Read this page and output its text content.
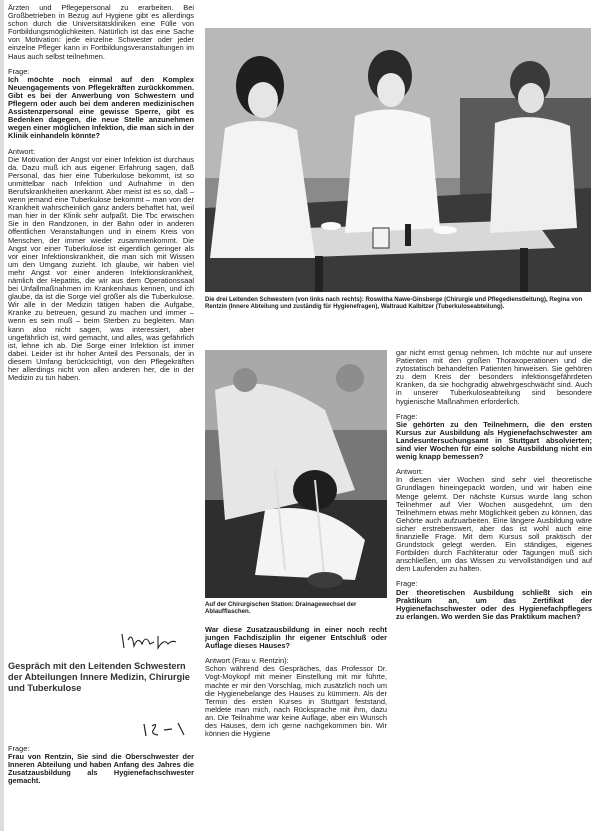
Ärzten und Pflegepersonal zu erarbeiten. Bei Großbetrieben in Bezug auf Hygiene gibt es allerdings schon durch die Universitätskliniken eine Fülle von Fortbildungsmöglichkeiten. Natürlich ist das eine Sache von Motivation: jede einzelne Schwester oder jeder einzelne Pfleger kann in Fortbildungsveranstaltungen im Haus auch selbst teilnehmen.

Frage:

Ich möchte noch einmal auf den Komplex Neuengagements von Pflegekräften zurückkommen. Gibt es bei der Anwerbung von Schwestern und Pflegern oder auch bei dem anderen medizinischen Assistenzpersonal eine gewisse Sperre, gibt es Bedenken dagegen, die neue Stelle anzunehmen wegen einer möglichen Infektion, die man sich in der Klinik einhandeln könnte?

Antwort:

Die Motivation der Angst vor einer Infektion ist durchaus da. Dazu muß ich aus eigener Erfahrung sagen, daß Personal, das hier eine Tuberkulose bekommt, ist so unmittelbar nach Infektion und Aufnahme in den Berufskrankheiten anerkannt. Aber meist ist es so, daß – wenn jemand eine Tuberkulose bekommt – man von der Krankheit wahrscheinlich ganz anders behaftet hat, weil man hier in der Klinik sehr aufpaßt. Die Tbc erwischen Sie in den Randzonen, in der Bahn oder in anderen öffentlichen Veranstaltungen und in einem Kreis von Menschen, der immer wieder zusammenkommt. Die Angst vor einer Tuberkulose ist eigentlich geringer als vor einer Infektionskrankheit, die man sich mit Wissen um den Umgang zuzieht. Ich glaube, wir haben viel mehr Angst vor einer anderen Infektionskrankheit, nämlich der Hepatitis, die wir aus dem Operationssaal bei Unfallmaßnahmen im Krankenhaus kennen, und ich glaube, da ist die Sorge viel größer als die Tuberkulose. Wir alle in der Medizin tätigen haben die Aufgabe, Kranke zu betreuen, gesund zu machen und immer – wenn es sein muß – beim Sterben zu begleiten. Man kann also nicht sagen, was interessiert, aber ungefährlich ist, wird gemacht, und alles, was gefährlich ist, lehne ich ab. Die Sorge einer Infektion ist immer dabei. Leider ist ihr hoher Anteil des Personals, der in diesem Umfang berücksichtigt, von den Pflegekräften her allerdings nicht von allen anderen her, die in der Medizin zu tun haben.

Gespräch mit den Leitenden Schwestern der Abteilungen Innere Medizin, Chirurgie und Tuberkulose

Frage:

Frau von Rentzin, Sie sind die Oberschwester der Inneren Abteilung und haben Anfang des Jahres die Zusatzausbildung als Hygienefachschwester gemacht.

Die drei Leitenden Schwestern (von links nach rechts): Roswitha Nawe-Ginsberge (Chirurgie und Pflegedienstleitung), Regina von Rentzin (Innere Abteilung und zuständig für Hygienefragen), Waltraud Kalbitzer (Tuberkuloseabteilung).
Auf der Chirurgischen Station: Drainagewechsel der Ablaufflaschen.

War diese Zusatzausbildung in einer noch recht jungen Fachdisziplin Ihr eigener Entschluß oder Auflage dieses Hauses?

Antwort (Frau v. Rentzin):

Schon während des Gespräches, das Professor Dr. Vogt-Moykopf mit meiner Einstellung mit mir führte, machte er mir den Vorschlag, mich zusätzlich noch um die Hygienebelange des Hauses zu kümmern. Als der Termin des ersten Kurses in Stuttgart feststand, meldete man mich, nach Rücksprache mit ihm, dazu an. Die Teilnahme war keine Auflage, aber ein Wunsch des Hauses, dem ich gerne nachgekommen bin. Wir können die Hygiene

gar nicht ernst genug nehmen. Ich möchte nur auf unsere Patienten mit den großen Thoraxoperationen und die zytostatisch behandelten Patienten hinweisen. Sie gehören zu dem Kreis der besonders infektionsgefährdeten Kranken, da sie hochgradig abwehrgeschwächt sind. Auch in unserer Tuberkuloseabteilung sind besondere hygienische Maßnahmen erforderlich.

Frage:

Sie gehörten zu den Teilnehmern, die den ersten Kursus zur Ausbildung als Hygienefachschwester am Landesuntersuchungsamt in Stuttgart absolvierten; sind vier Wochen für eine solche Ausbildung nicht ein wenig knapp bemessen?

Antwort:

In diesen vier Wochen sind sehr viel theoretische Grundlagen hineingepackt worden, und wir haben eine Menge gelernt. Der nächste Kursus wurde lang schon Teilnehmer auf Vier Wochen ausgedehnt, um den Teilnehmern etwas mehr Möglichkeit geben zu können, das Gehörte auch aufzuarbeiten. Eine längere Ausbildung wäre sicher erstrebenswert, aber das ist wohl auch eine finanzielle Frage. Mit dem Kursus soll praktisch der Grundstock gelegt werden. Ein ständiges, eigenes Fortbilden durch Fachliteratur oder Tagungen muß sich anschließen, um das Wissen zu vervollständigen und auf dem Laufenden zu halten.

Frage:

Der theoretischen Ausbildung schließt sich ein Praktikum an, um das Zertifikat der Hygienefachschwester oder des Hygienefachpflegers zu erlangen. Wo werden Sie das Praktikum machen?
